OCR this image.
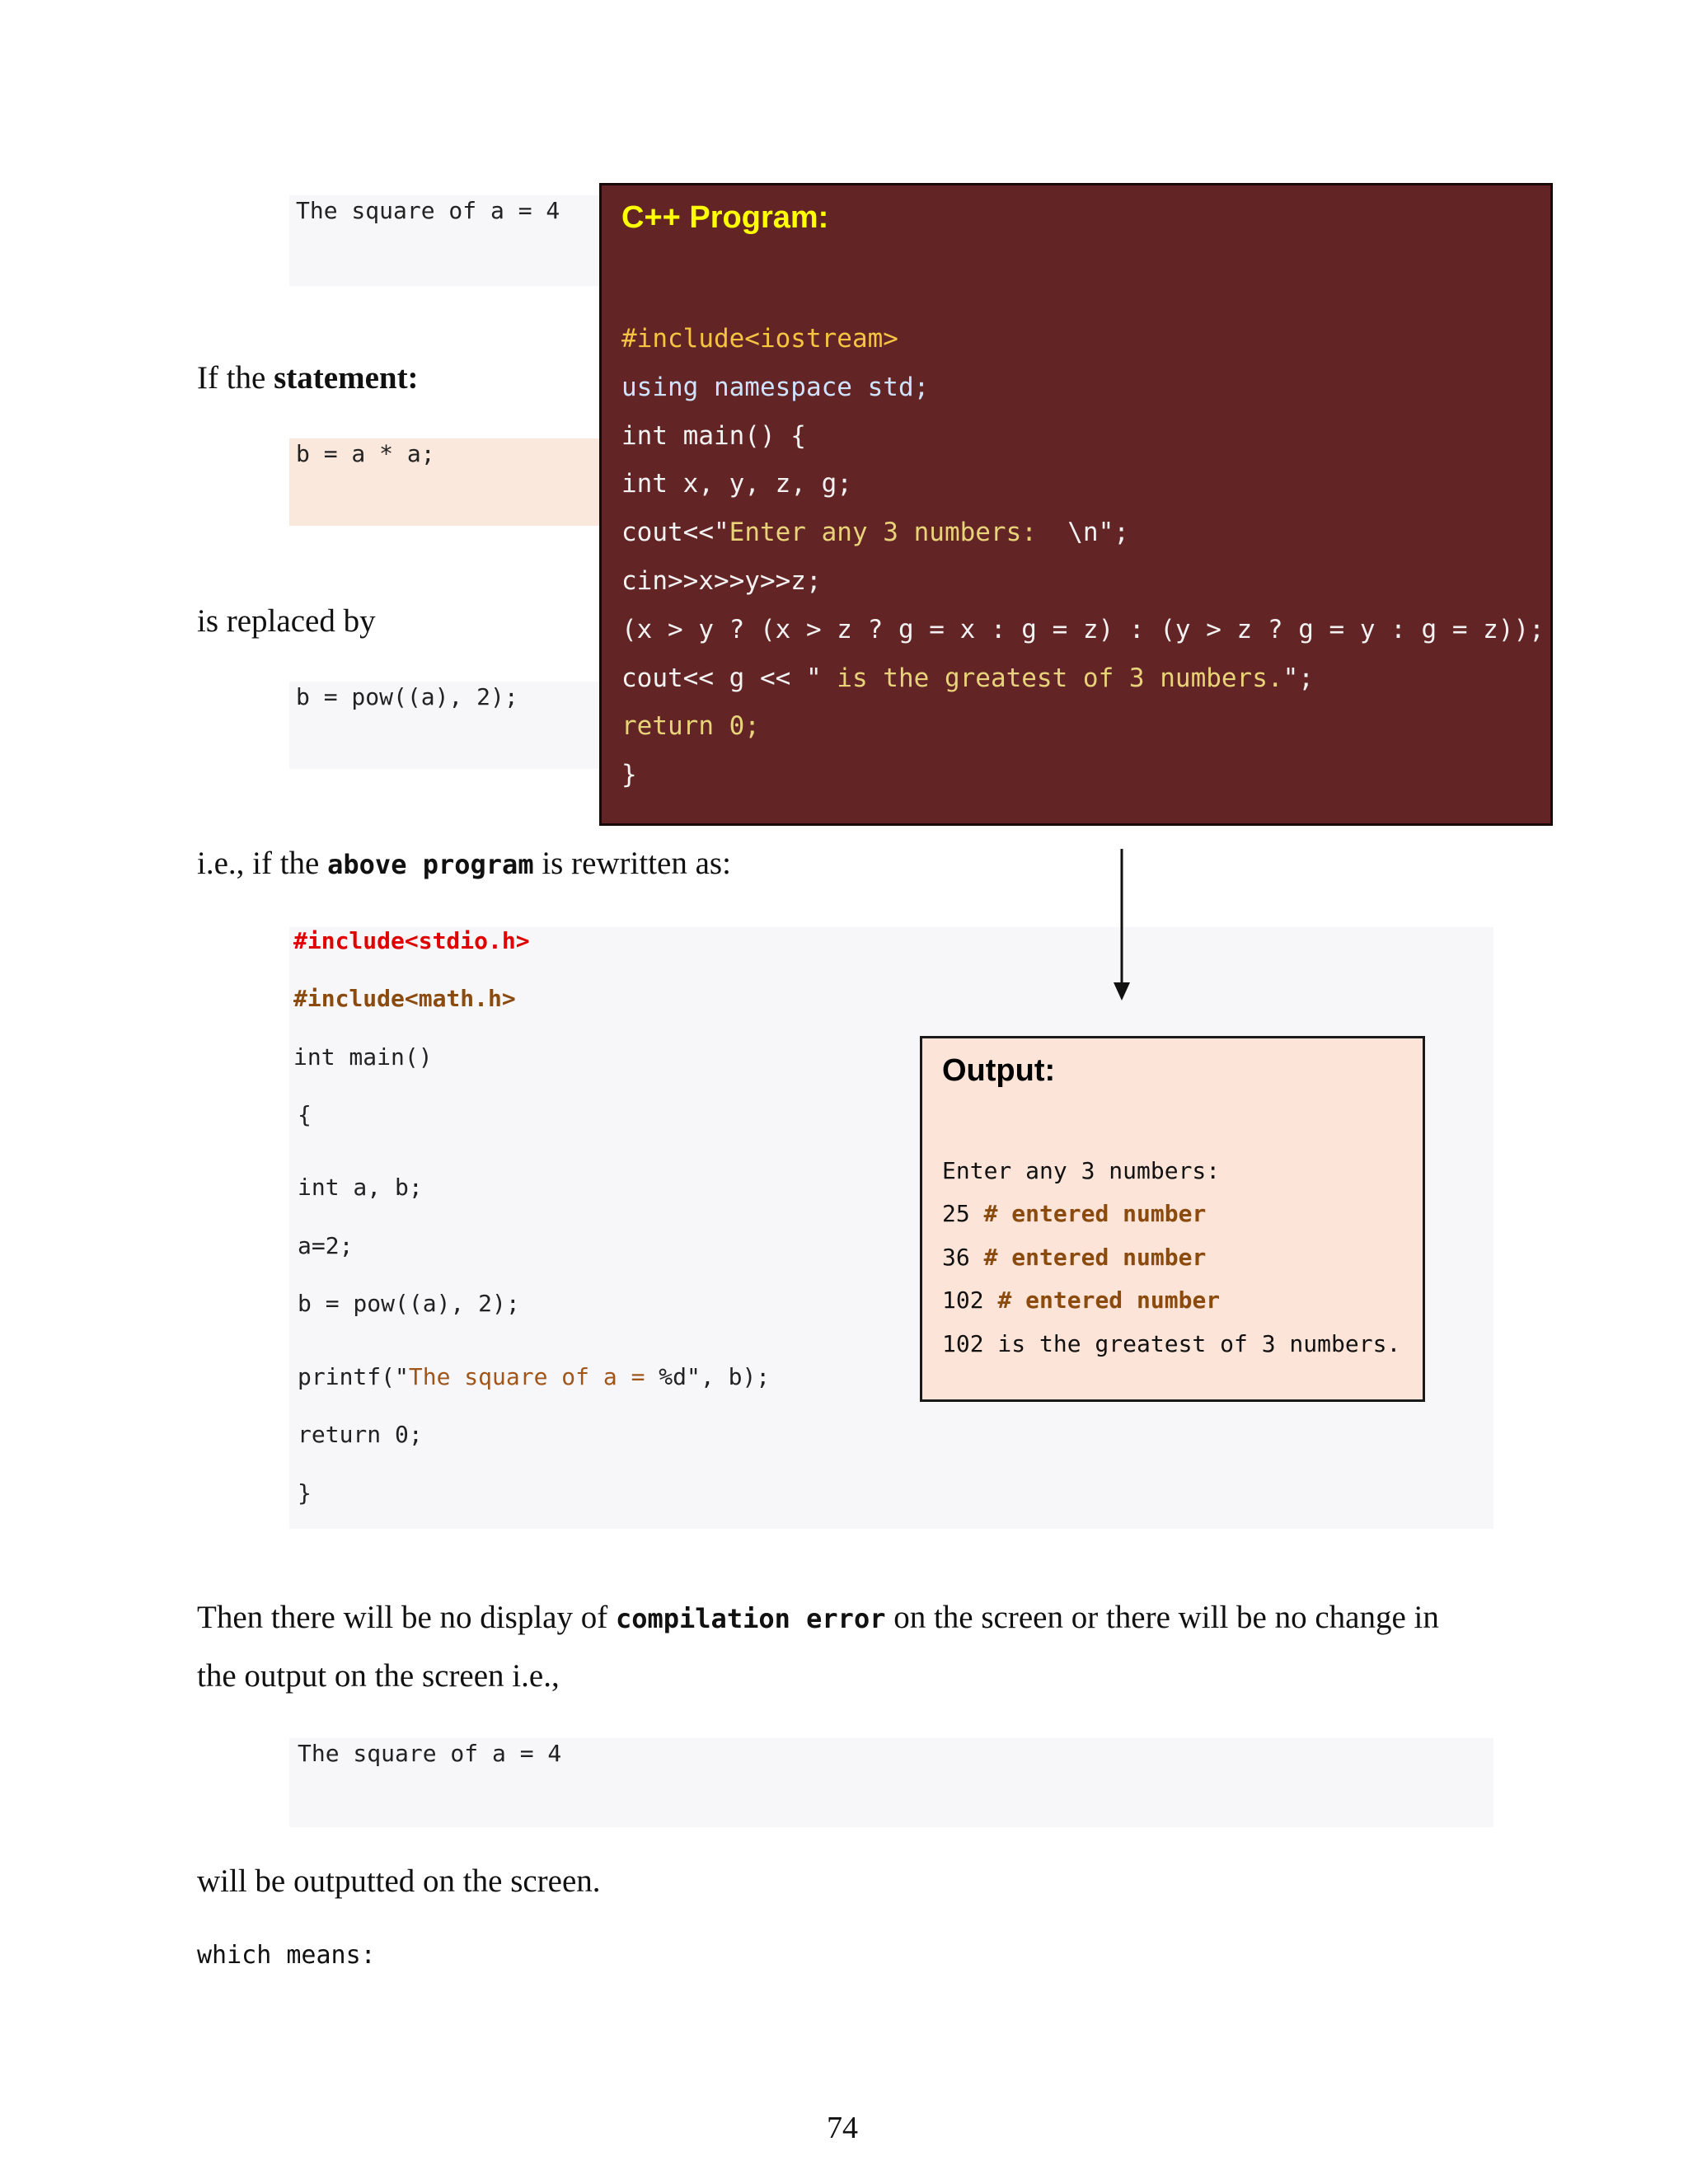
The square of a = 4

If the statement:

b = a * a;

is replaced by

b = pow((a), 2);

i.e., if the above program is rewritten as:

#include<stdio.h>

#include<math.h>

int main()

{

int a, b;

a=2;

b = pow((a), 2);

printf("The square of a = %d", b);

return 0;

}

C++ Program:
#include<iostream>
using namespace std;
int main() {
int x, y, z, g;
cout<<"Enter any 3 numbers:  \n";
cin>>x>>y>>z;
(x > y ? (x > z ? g = x : g = z) : (y > z ? g = y : g = z));
cout<< g << " is the greatest of 3 numbers.";
return 0;
}
Output:
Enter any 3 numbers:
25 # entered number
36 # entered number
102 # entered number
102 is the greatest of 3 numbers.
Then there will be no display of compilation error on the screen or there will be no change in
the output on the screen i.e.,

The square of a = 4

will be outputted on the screen.
which means:
74
